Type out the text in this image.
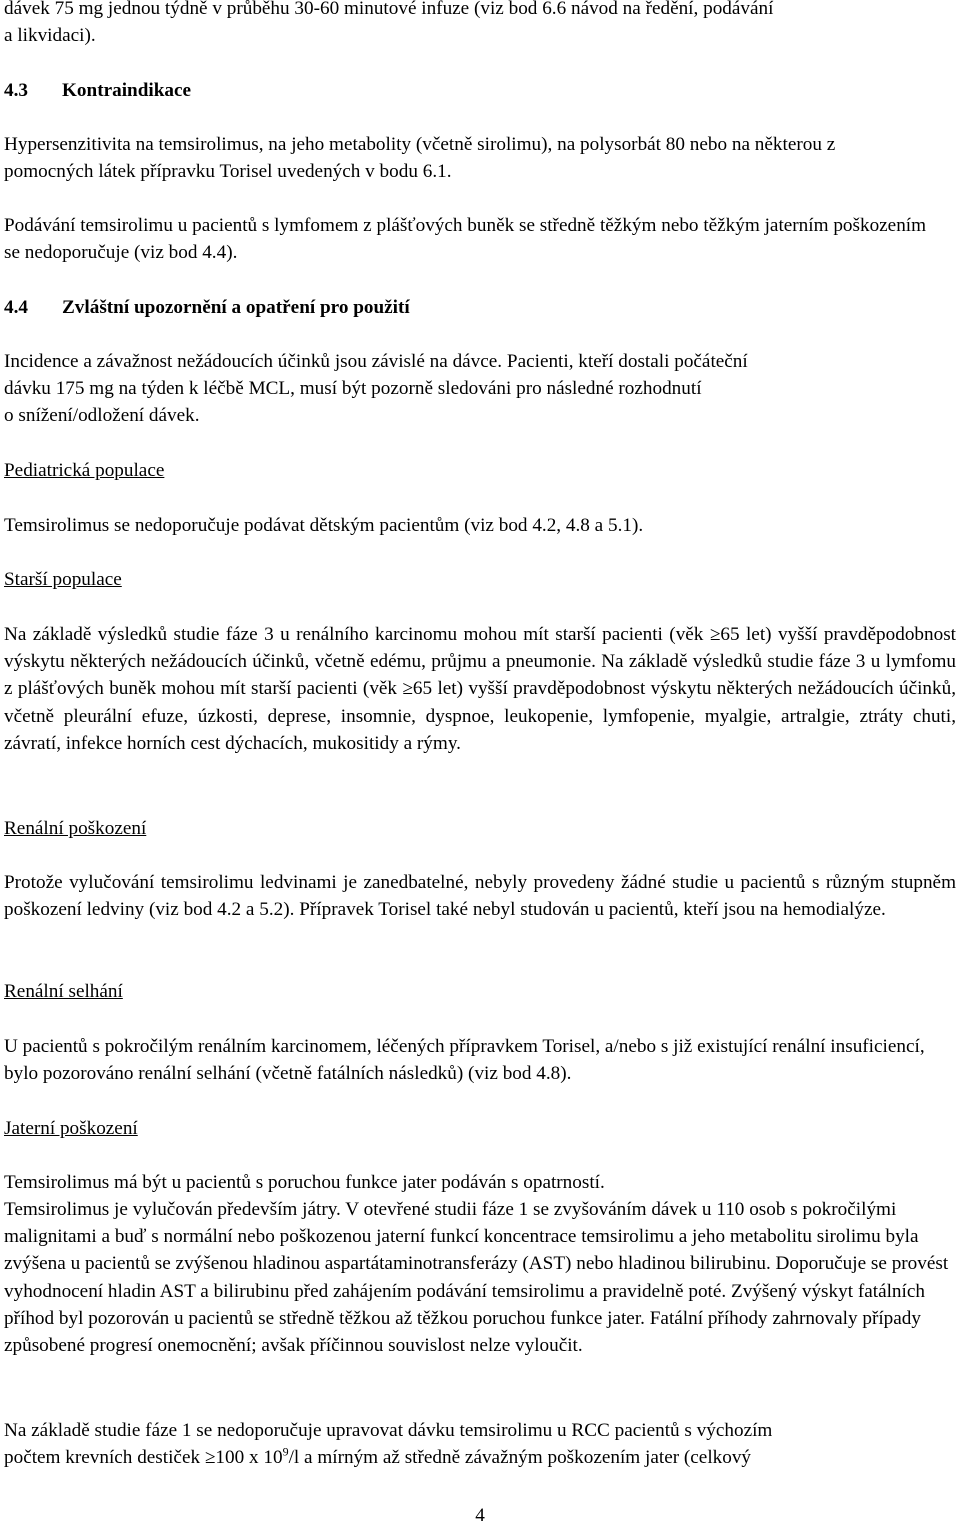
dávek 75 mg jednou týdně v průběhu 30-60 minutové infuze (viz bod 6.6 návod na ředění, podávání
a likvidaci).
4.3 Kontraindikace

Hypersenzitivita na temsirolimus, na jeho metabolity (včetně sirolimu), na polysorbát 80 nebo na některou z pomocných látek přípravku Torisel uvedených v bodu 6.1.

Podávání temsirolimu u pacientů s lymfomem z plášťových buněk se středně těžkým nebo těžkým jaterním poškozením se nedoporučuje (viz bod 4.4).

4.4 Zvláštní upozornění a opatření pro použití
Incidence a závažnost nežádoucích účinků jsou závislé na dávce. Pacienti, kteří dostali počáteční
dávku 175 mg na týden k léčbě MCL, musí být pozorně sledováni pro následné rozhodnutí
o snížení/odložení dávek.
Pediatrická populace

Temsirolimus se nedoporučuje podávat dětským pacientům (viz bod 4.2, 4.8 a 5.1).

Starší populace

Na základě výsledků studie fáze 3 u renálního karcinomu mohou mít starší pacienti (věk ≥65 let) vyšší pravděpodobnost výskytu některých nežádoucích účinků, včetně edému, průjmu a pneumonie. Na základě výsledků studie fáze 3 u lymfomu z plášťových buněk mohou mít starší pacienti (věk ≥65 let) vyšší pravděpodobnost výskytu některých nežádoucích účinků, včetně pleurální efuze, úzkosti, deprese, insomnie, dyspnoe, leukopenie, lymfopenie, myalgie, artralgie, ztráty chuti, závratí, infekce horních cest dýchacích, mukositidy a rýmy.

Renální poškození

Protože vylučování temsirolimu ledvinami je zanedbatelné, nebyly provedeny žádné studie u pacientů s různým stupněm poškození ledviny (viz bod 4.2 a 5.2). Přípravek Torisel také nebyl studován u pacientů, kteří jsou na hemodialýze.

Renální selhání

U pacientů s pokročilým renálním karcinomem, léčených přípravkem Torisel, a/nebo s již existující renální insuficiencí, bylo pozorováno renální selhání (včetně fatálních následků) (viz bod 4.8).

Jaterní poškození
Temsirolimus má být u pacientů s poruchou funkce jater podáván s opatrností.

Temsirolimus je vylučován především játry. V otevřené studii fáze 1 se zvyšováním dávek u 110 osob s pokročilými malignitami a buď s normální nebo poškozenou jaterní funkcí koncentrace temsirolimu a jeho metabolitu sirolimu byla zvýšena u pacientů se zvýšenou hladinou aspartátaminotransferázy (AST) nebo hladinou bilirubinu. Doporučuje se provést vyhodnocení hladin AST a bilirubinu před zahájením podávání temsirolimu a pravidelně poté. Zvýšený výskyt fatálních příhod byl pozorován u pacientů se středně těžkou až těžkou poruchou funkce jater. Fatální příhody zahrnovaly případy způsobené progresí onemocnění; avšak příčinnou souvislost nelze vyloučit.

Na základě studie fáze 1 se nedoporučuje upravovat dávku temsirolimu u RCC pacientů s výchozím
počtem krevních destiček ≥100 x $10^9/l$ a mírným až středně závažným poškozením jater (celkový
4
